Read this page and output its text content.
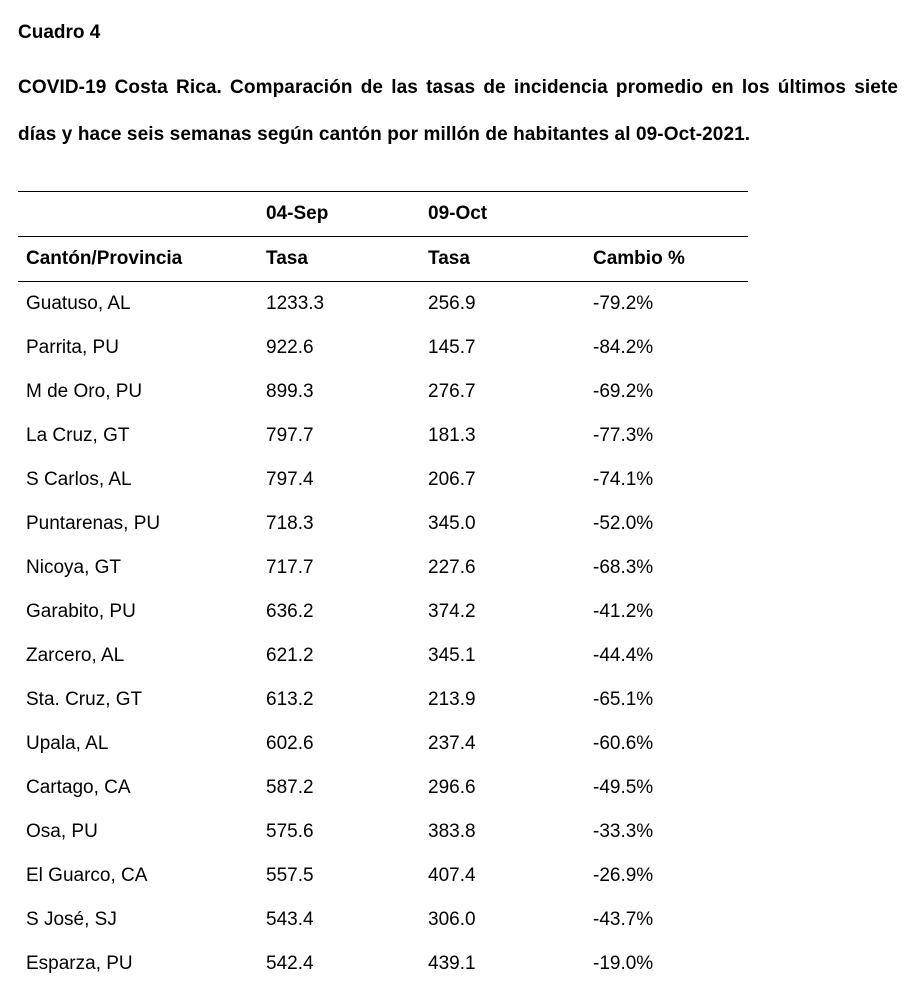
Cuadro 4

COVID-19 Costa Rica. Comparación de las tasas de incidencia promedio en los últimos siete días y hace seis semanas según cantón por millón de habitantes al 09-Oct-2021.

	04-Sep	09-Oct	
Cantón/Provincia	Tasa	Tasa	Cambio %
Guatuso, AL	1233.3	256.9	-79.2%
Parrita, PU	922.6	145.7	-84.2%
M de Oro, PU	899.3	276.7	-69.2%
La Cruz, GT	797.7	181.3	-77.3%
S Carlos, AL	797.4	206.7	-74.1%
Puntarenas, PU	718.3	345.0	-52.0%
Nicoya, GT	717.7	227.6	-68.3%
Garabito, PU	636.2	374.2	-41.2%
Zarcero, AL	621.2	345.1	-44.4%
Sta. Cruz, GT	613.2	213.9	-65.1%
Upala, AL	602.6	237.4	-60.6%
Cartago, CA	587.2	296.6	-49.5%
Osa, PU	575.6	383.8	-33.3%
El Guarco, CA	557.5	407.4	-26.9%
S José, SJ	543.4	306.0	-43.7%
Esparza, PU	542.4	439.1	-19.0%
